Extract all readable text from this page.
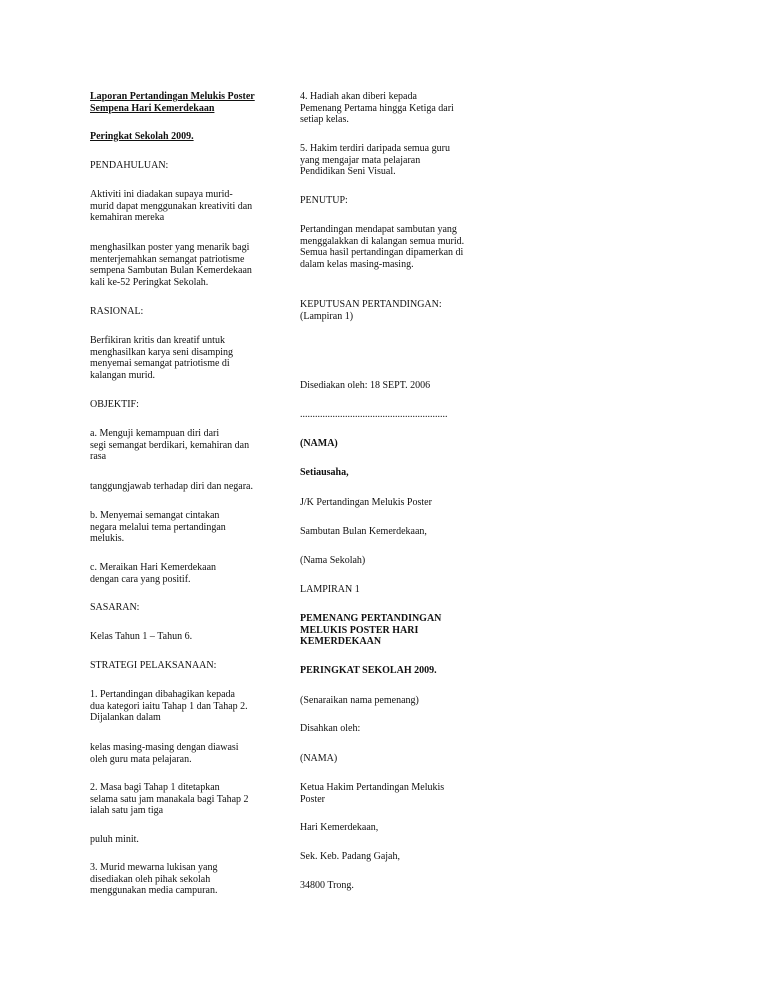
Laporan Pertandingan Melukis Poster
Sempena Hari Kemerdekaan

Peringkat Sekolah 2009.

PENDAHULUAN:

Aktiviti ini diadakan supaya murid-
murid dapat menggunakan kreativiti dan
kemahiran mereka

menghasilkan poster yang menarik bagi
menterjemahkan semangat patriotisme
sempena Sambutan Bulan Kemerdekaan
kali ke-52 Peringkat Sekolah.

RASIONAL:

Berfikiran kritis dan kreatif untuk
menghasilkan karya seni disamping
menyemai semangat patriotisme di
kalangan murid.

OBJEKTIF:

a. Menguji kemampuan diri dari
segi semangat berdikari, kemahiran dan
rasa

tanggungjawab terhadap diri dan negara.

b. Menyemai semangat cintakan
negara melalui tema pertandingan
melukis.

c. Meraikan Hari Kemerdekaan
dengan cara yang positif.

SASARAN:

Kelas Tahun 1 – Tahun 6.

STRATEGI PELAKSANAAN:

1. Pertandingan dibahagikan kepada
dua kategori iaitu Tahap 1 dan Tahap 2.
Dijalankan dalam

kelas masing-masing dengan diawasi
oleh guru mata pelajaran.

2. Masa bagi Tahap 1 ditetapkan
selama satu jam manakala bagi Tahap 2
ialah satu jam tiga

puluh minit.

3. Murid mewarna lukisan yang
disediakan oleh pihak sekolah
menggunakan media campuran.

4. Hadiah akan diberi kepada
Pemenang Pertama hingga Ketiga dari
setiap kelas.

5. Hakim terdiri daripada semua guru
yang mengajar mata pelajaran
Pendidikan Seni Visual.

PENUTUP:

Pertandingan mendapat sambutan yang
menggalakkan di kalangan semua murid.
Semua hasil pertandingan dipamerkan di
dalam kelas masing-masing.

KEPUTUSAN PERTANDINGAN:
(Lampiran 1)

Disediakan oleh: 18 SEPT. 2006

...........................................................

(NAMA)

Setiausaha,

J/K Pertandingan Melukis Poster

Sambutan Bulan Kemerdekaan,

(Nama Sekolah)

LAMPIRAN 1

PEMENANG PERTANDINGAN
MELUKIS POSTER HARI
KEMERDEKAAN

PERINGKAT SEKOLAH 2009.

(Senaraikan nama pemenang)

Disahkan oleh:

(NAMA)

Ketua Hakim Pertandingan Melukis
Poster

Hari Kemerdekaan,

Sek. Keb. Padang Gajah,

34800 Trong.
